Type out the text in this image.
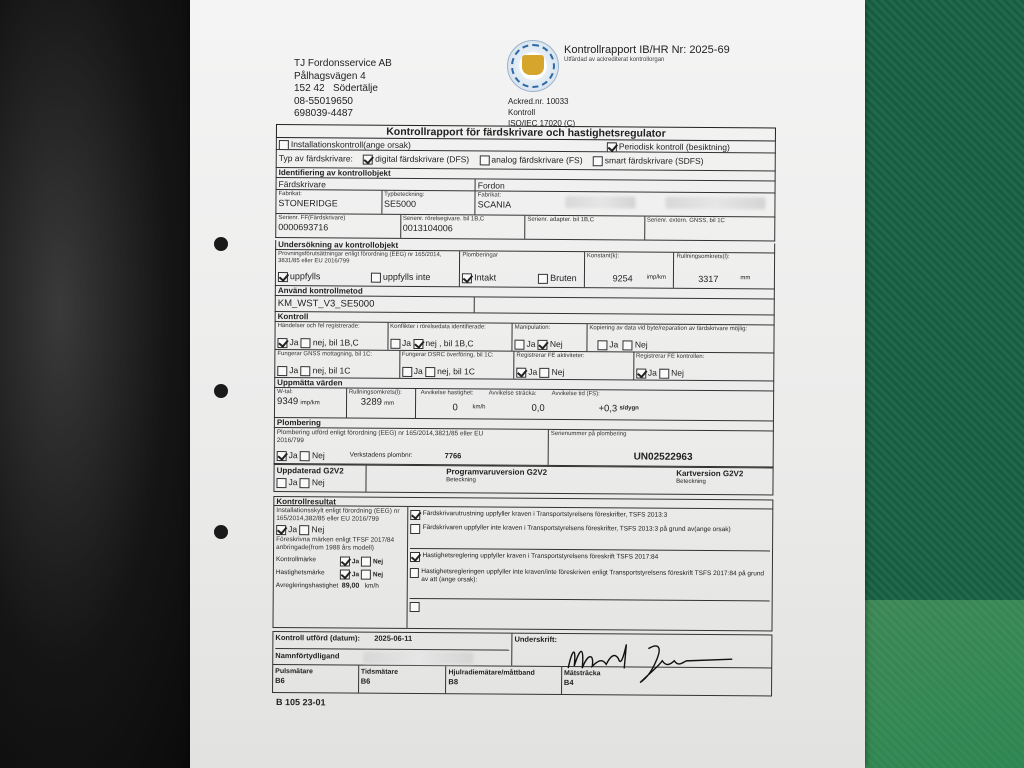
TJ Fordonsservice AB
Pålhagsvägen 4
152 42 Södertälje
08-55019650
698039-4487
Kontrollrapport IB/HR Nr: 2025-69
Utfärdad av ackrediterat kontrollorgan
Ackred.nr. 10033
Kontroll
ISO/IEC 17020 (C)
Kontrollrapport för färdskrivare och hastighetsregulator
Installationskontroll(ange orsak)	Periodisk kontroll (besiktning)
Typ av färdskrivare:	digital färdskrivare (DFS)	analog färdskrivare (FS)	smart färdskrivare (SDFS)
Identifiering av kontrollobjekt
Färdskrivare	Fordon
Fabrikat:
STONERIDGE
Typbeteckning:
SE5000
Fabrikat:
SCANIA
Serienr. FF(Färdskrivare)
0000693716
Serienr. rörelsegivare. bil 1B,C
0013104006
Serienr. adapter. bil 1B,C	Serienr. extern. GNSS, bil 1C
Undersökning av kontrollobjekt
Provningsförutsättningar enligt förordning (EEG) nr 165/2014, 3831/85 eller EU 2016/799
uppfylls	uppfylls inte
Plomberingar
Intakt	Bruten
Konstant(k):
9254 imp/km
Rullningsomkrets(l):
3317	mm
Använd kontrollmetod
KM_WST_V3_SE5000
Kontroll
Händelser och fel registrerade:
Ja nej, bil 1B,C
Konflikter i rörelsedata identifierade:
Ja nej , bil 1B,C
Manipulation:
Ja Nej
Kopiering av data vid byte/reparation av färdskrivare möjlig:
Ja Nej
Fungerar GNSS mottagning, bil 1C:
Ja nej, bil 1C
Fungerar DSRC överföring, bil 1C:
Ja nej, bil 1C
Registrerar FE aktiviteter:
Ja Nej
Registrerar FE kontrollen:
Ja Nej
Uppmätta värden
W-tal:
9349 imp/km
Rullningsomkrets(l):
3289 mm
Avvikelse hastighet:
0 km/h
Avvikelse sträcka:
0,0
Avvikelse tid (FS):
+0,3 s/dygn
Plombering
Plombering utförd enligt förordning (EEG) nr 165/2014,3821/85 eller EU 2016/799
Ja Nej	Verkstadens plombnr:	7766
Serienummer på plombering
UN02522963
Uppdaterad G2V2
Ja Nej
Programvaruversion G2V2
Beteckning
Kartversion G2V2
Beteckning
Kontrollresultat
Installationsskylt enligt förordning (EEG) nr 165/2014,382/85 eller EU 2016/799
Ja Nej
Föreskrivna märken enligt TFSF 2017/84 anbringade(from 1988 års modell)
Kontrollmärke	Ja Nej
Hastighetsmärke	Ja Nej
Avregleringshastighet 89,00 km/h
Färdskrivarutrustning uppfyller kraven i Transportstyrelsens föreskrifter, TSFS 2013:3
Färdskrivaren uppfyller inte kraven i Transportstyrelsens föreskrifter, TSFS 2013:3 på grund av(ange orsak)
Hastighetsreglering uppfyller kraven i Transportstyrelsens föreskrift TSFS 2017:84
Hastighetsregleringen uppfyller inte kraven/inte föreskriven enligt Transportstyrelsens föreskrift TSFS 2017:84 på grund av att (ange orsak):
Kontroll utförd (datum): 2025-06-11
Namnförtydligand
Underskrift:
Pulsmätare
B6
Tidsmätare
B6
Hjulradiemätare/måttband
B8
Mätsträcka
B4
B 105 23-01
